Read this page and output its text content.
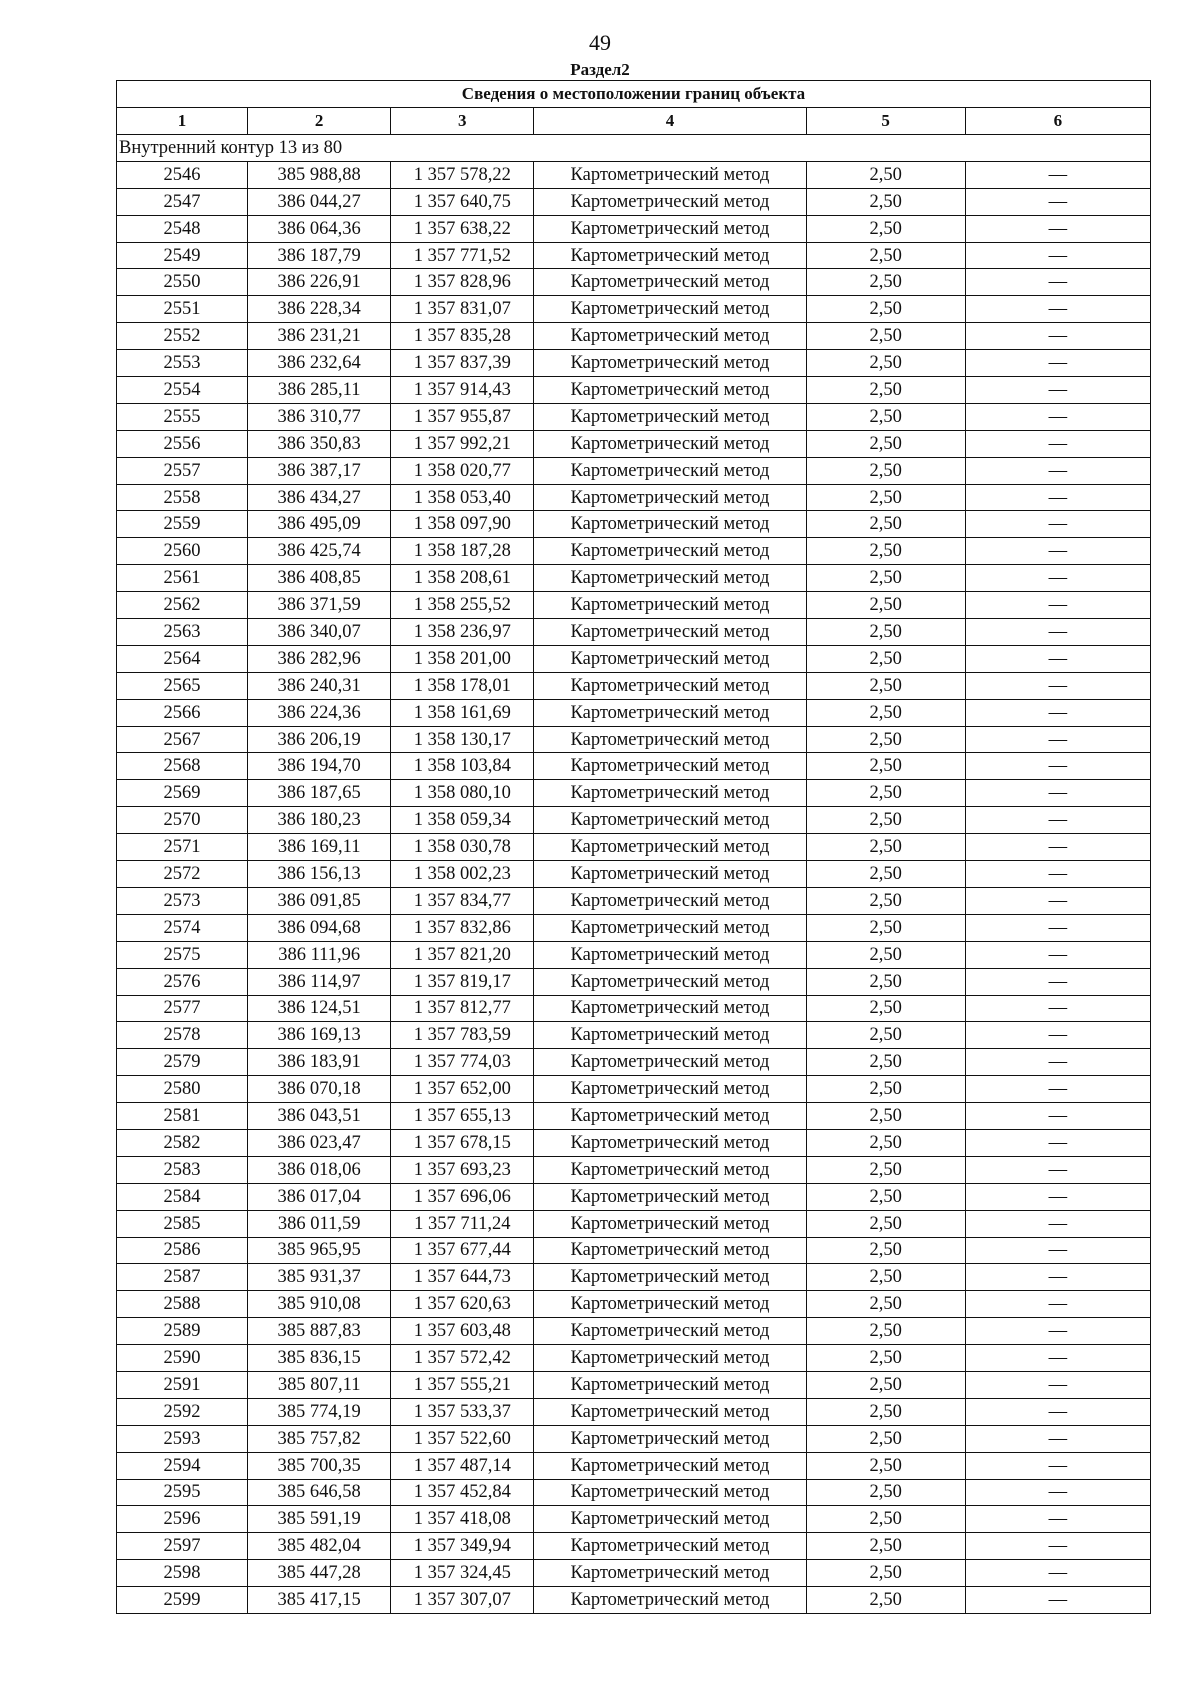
49
Раздел2
Сведения о местоположении границ объекта					
1	2	3	4	5	6
Внутренний контур 13 из 80					
2546	385 988,88	1 357 578,22	Картометрический метод	2,50	—
2547	386 044,27	1 357 640,75	Картометрический метод	2,50	—
2548	386 064,36	1 357 638,22	Картометрический метод	2,50	—
2549	386 187,79	1 357 771,52	Картометрический метод	2,50	—
2550	386 226,91	1 357 828,96	Картометрический метод	2,50	—
2551	386 228,34	1 357 831,07	Картометрический метод	2,50	—
2552	386 231,21	1 357 835,28	Картометрический метод	2,50	—
2553	386 232,64	1 357 837,39	Картометрический метод	2,50	—
2554	386 285,11	1 357 914,43	Картометрический метод	2,50	—
2555	386 310,77	1 357 955,87	Картометрический метод	2,50	—
2556	386 350,83	1 357 992,21	Картометрический метод	2,50	—
2557	386 387,17	1 358 020,77	Картометрический метод	2,50	—
2558	386 434,27	1 358 053,40	Картометрический метод	2,50	—
2559	386 495,09	1 358 097,90	Картометрический метод	2,50	—
2560	386 425,74	1 358 187,28	Картометрический метод	2,50	—
2561	386 408,85	1 358 208,61	Картометрический метод	2,50	—
2562	386 371,59	1 358 255,52	Картометрический метод	2,50	—
2563	386 340,07	1 358 236,97	Картометрический метод	2,50	—
2564	386 282,96	1 358 201,00	Картометрический метод	2,50	—
2565	386 240,31	1 358 178,01	Картометрический метод	2,50	—
2566	386 224,36	1 358 161,69	Картометрический метод	2,50	—
2567	386 206,19	1 358 130,17	Картометрический метод	2,50	—
2568	386 194,70	1 358 103,84	Картометрический метод	2,50	—
2569	386 187,65	1 358 080,10	Картометрический метод	2,50	—
2570	386 180,23	1 358 059,34	Картометрический метод	2,50	—
2571	386 169,11	1 358 030,78	Картометрический метод	2,50	—
2572	386 156,13	1 358 002,23	Картометрический метод	2,50	—
2573	386 091,85	1 357 834,77	Картометрический метод	2,50	—
2574	386 094,68	1 357 832,86	Картометрический метод	2,50	—
2575	386 111,96	1 357 821,20	Картометрический метод	2,50	—
2576	386 114,97	1 357 819,17	Картометрический метод	2,50	—
2577	386 124,51	1 357 812,77	Картометрический метод	2,50	—
2578	386 169,13	1 357 783,59	Картометрический метод	2,50	—
2579	386 183,91	1 357 774,03	Картометрический метод	2,50	—
2580	386 070,18	1 357 652,00	Картометрический метод	2,50	—
2581	386 043,51	1 357 655,13	Картометрический метод	2,50	—
2582	386 023,47	1 357 678,15	Картометрический метод	2,50	—
2583	386 018,06	1 357 693,23	Картометрический метод	2,50	—
2584	386 017,04	1 357 696,06	Картометрический метод	2,50	—
2585	386 011,59	1 357 711,24	Картометрический метод	2,50	—
2586	385 965,95	1 357 677,44	Картометрический метод	2,50	—
2587	385 931,37	1 357 644,73	Картометрический метод	2,50	—
2588	385 910,08	1 357 620,63	Картометрический метод	2,50	—
2589	385 887,83	1 357 603,48	Картометрический метод	2,50	—
2590	385 836,15	1 357 572,42	Картометрический метод	2,50	—
2591	385 807,11	1 357 555,21	Картометрический метод	2,50	—
2592	385 774,19	1 357 533,37	Картометрический метод	2,50	—
2593	385 757,82	1 357 522,60	Картометрический метод	2,50	—
2594	385 700,35	1 357 487,14	Картометрический метод	2,50	—
2595	385 646,58	1 357 452,84	Картометрический метод	2,50	—
2596	385 591,19	1 357 418,08	Картометрический метод	2,50	—
2597	385 482,04	1 357 349,94	Картометрический метод	2,50	—
2598	385 447,28	1 357 324,45	Картометрический метод	2,50	—
2599	385 417,15	1 357 307,07	Картометрический метод	2,50	—
